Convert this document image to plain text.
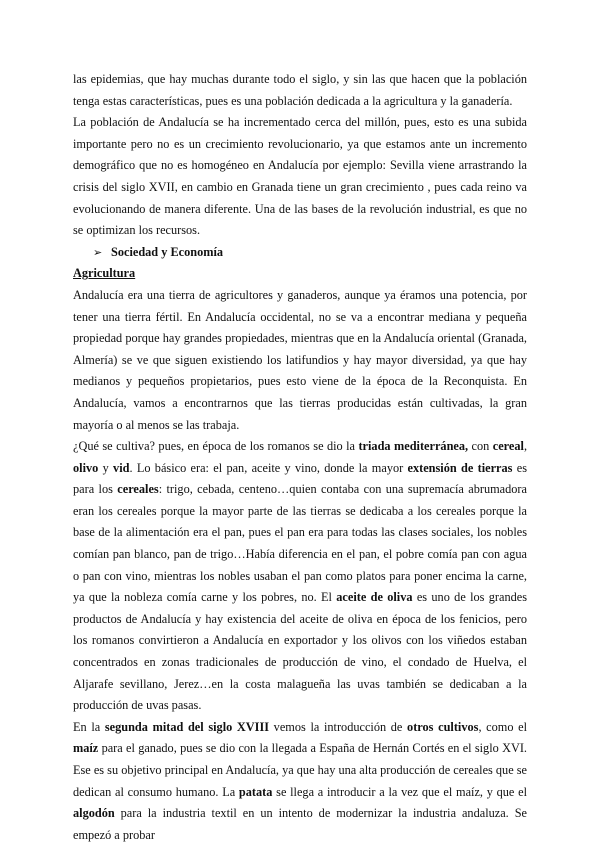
las epidemias, que hay muchas durante todo el siglo, y sin las que hacen que la población tenga estas características, pues es una población dedicada a la agricultura y la ganadería.

La población de Andalucía se ha incrementado cerca del millón, pues, esto es una subida importante pero no es un crecimiento revolucionario, ya que estamos ante un incremento demográfico que no es homogéneo en Andalucía por ejemplo: Sevilla viene arrastrando la crisis del siglo XVII, en cambio en Granada tiene un gran crecimiento , pues cada reino va evolucionando de manera diferente. Una de las bases de la revolución industrial, es que no se optimizan los recursos.

➢ Sociedad y Economía
Agricultura

Andalucía era una tierra de agricultores y ganaderos, aunque ya éramos una potencia, por tener una tierra fértil. En Andalucía occidental, no se va a encontrar mediana y pequeña propiedad porque hay grandes propiedades, mientras que en la Andalucía oriental (Granada, Almería) se ve que siguen existiendo los latifundios y hay mayor diversidad, ya que hay medianos y pequeños propietarios, pues esto viene de la época de la Reconquista. En Andalucía, vamos a encontrarnos que las tierras producidas están cultivadas, la gran mayoría o al menos se las trabaja.

¿Qué se cultiva? pues, en época de los romanos se dio la triada mediterránea, con cereal, olivo y vid. Lo básico era: el pan, aceite y vino, donde la mayor extensión de tierras es para los cereales: trigo, cebada, centeno…quien contaba con una supremacía abrumadora eran los cereales porque la mayor parte de las tierras se dedicaba a los cereales porque la base de la alimentación era el pan, pues el pan era para todas las clases sociales, los nobles comían pan blanco, pan de trigo…Había diferencia en el pan, el pobre comía pan con agua o pan con vino, mientras los nobles usaban el pan como platos para poner encima la carne, ya que la nobleza comía carne y los pobres, no. El aceite de oliva es uno de los grandes productos de Andalucía y hay existencia del aceite de oliva en época de los fenicios, pero los romanos convirtieron a Andalucía en exportador y los olivos con los viñedos estaban concentrados en zonas tradicionales de producción de vino, el condado de Huelva, el Aljarafe sevillano, Jerez…en la costa malagueña las uvas también se dedicaban a la producción de uvas pasas.

En la segunda mitad del siglo XVIII vemos la introducción de otros cultivos, como el maíz para el ganado, pues se dio con la llegada a España de Hernán Cortés en el siglo XVI. Ese es su objetivo principal en Andalucía, ya que hay una alta producción de cereales que se dedican al consumo humano. La patata se llega a introducir a la vez que el maíz, y que el algodón para la industria textil en un intento de modernizar la industria andaluza. Se empezó a probar
